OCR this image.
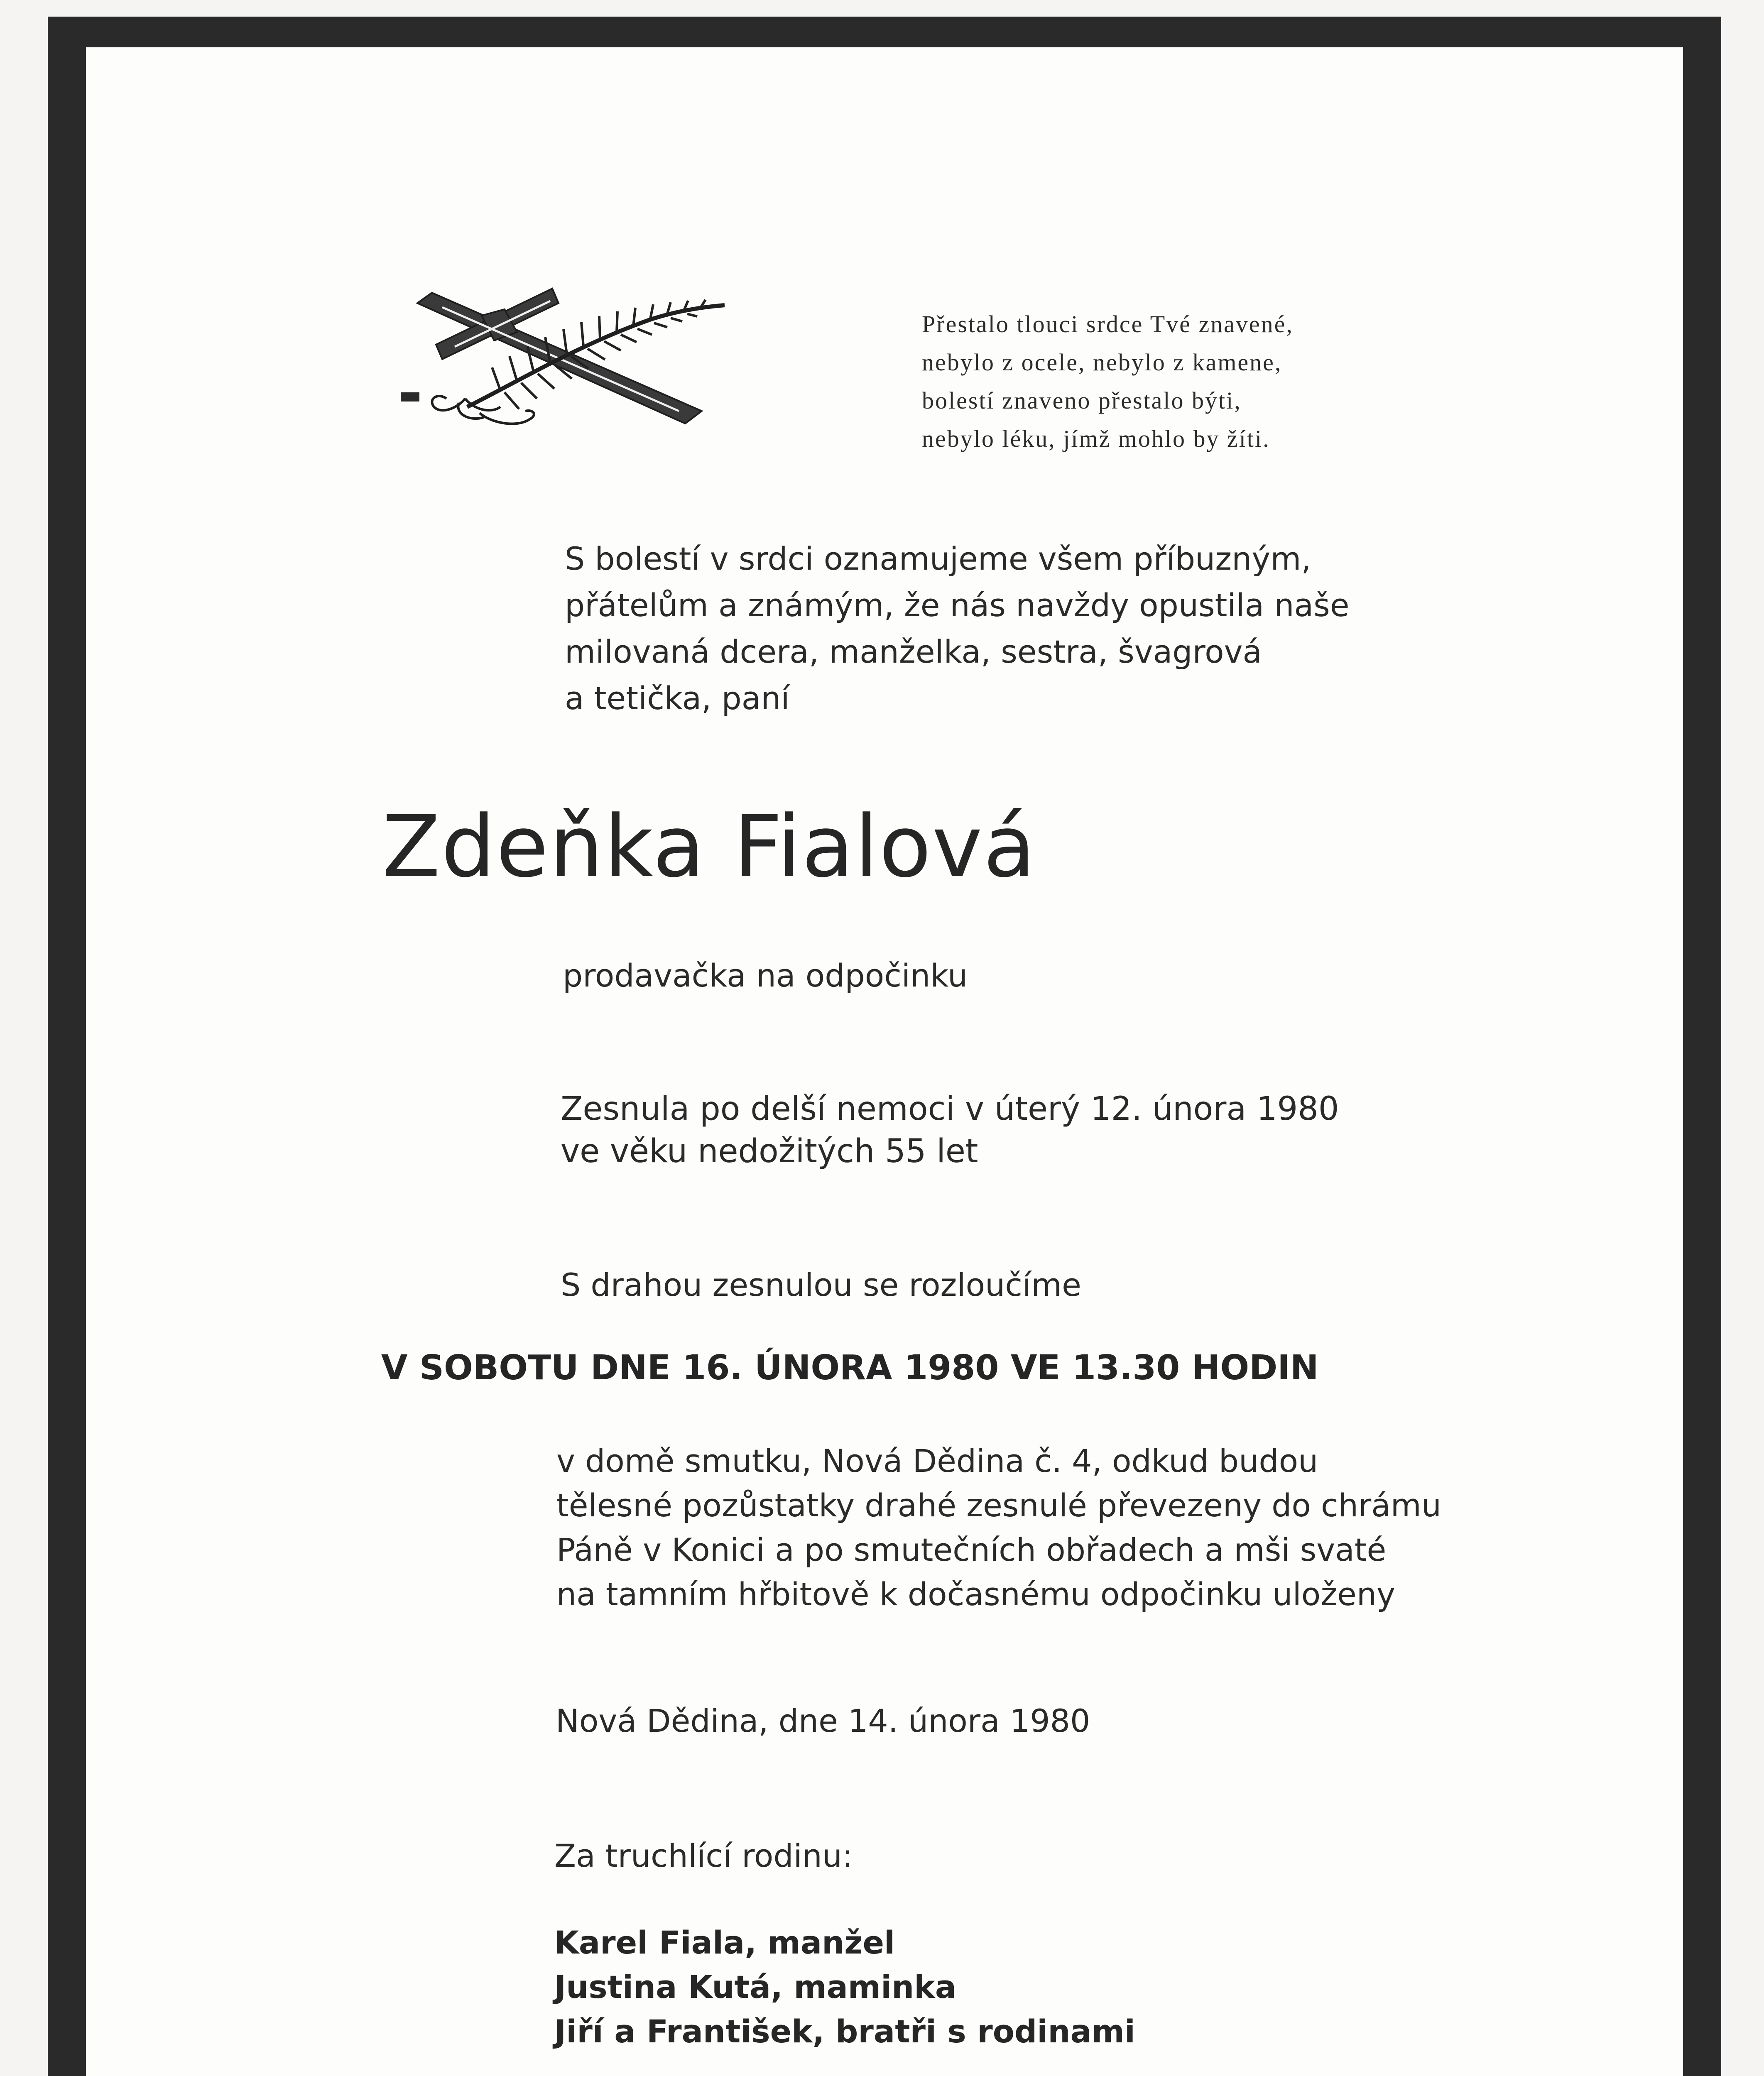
Přestalo tlouci srdce Tvé znavené,
nebylo z ocele, nebylo z kamene,
bolestí znaveno přestalo býti,
nebylo léku, jímž mohlo by žíti.
S bolestí v srdci oznamujeme všem příbuzným,
přátelům a známým, že nás navždy opustila naše
milovaná dcera, manželka, sestra, švagrová
a tetička, paní
Zdeňka Fialová
prodavačka na odpočinku
Zesnula po delší nemoci v úterý 12. února 1980
ve věku nedožitých 55 let
S drahou zesnulou se rozloučíme
V SOBOTU DNE 16. ÚNORA 1980 VE 13.30 HODIN
v domě smutku, Nová Dědina č. 4, odkud budou
tělesné pozůstatky drahé zesnulé převezeny do chrámu
Páně v Konici a po smutečních obřadech a mši svaté
na tamním hřbitově k dočasnému odpočinku uloženy
Nová Dědina, dne 14. února 1980
Za truchlící rodinu:
Karel Fiala, manžel
Justina Kutá, maminka
Jiří a František, bratři s rodinami
